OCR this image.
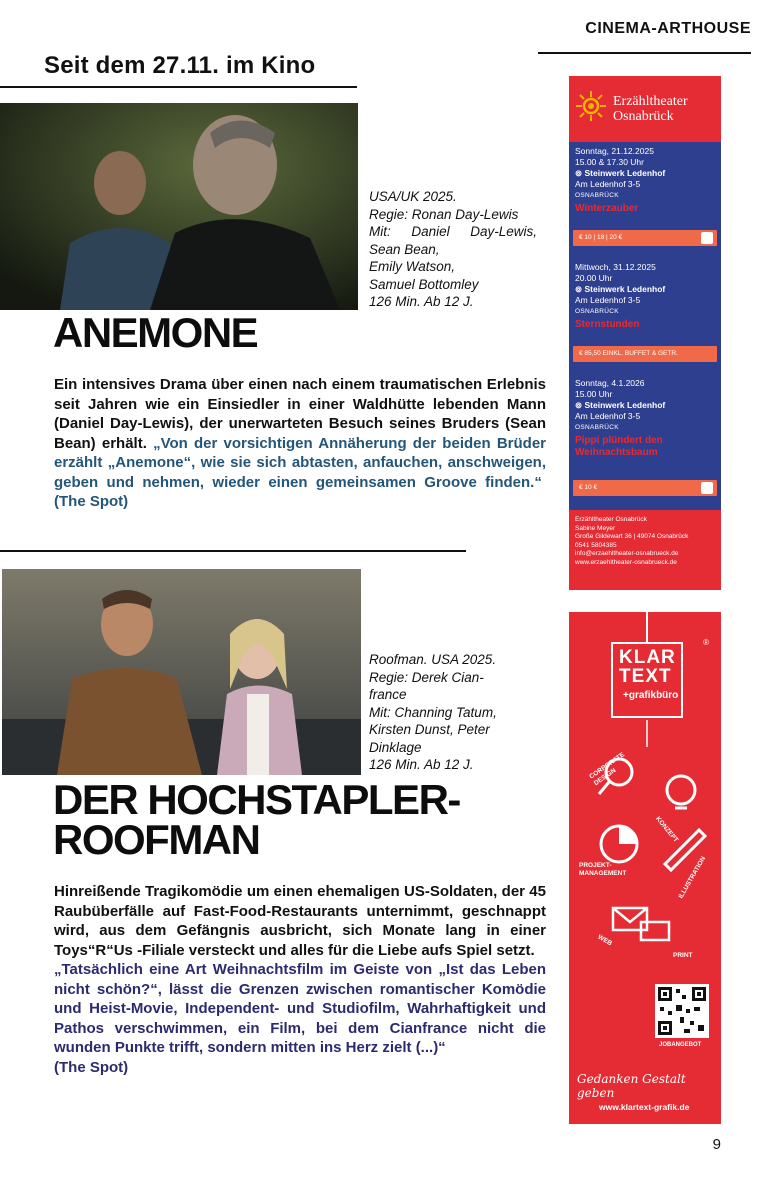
CINEMA-ARTHOUSE
Seit dem 27.11. im Kino
USA/UK 2025.
Regie: Ronan Day-Lewis
Mit: Daniel Day-Lewis,
Sean Bean,
Emily Watson,
Samuel Bottomley
126 Min. Ab 12 J.
ANEMONE
Ein intensives Drama über einen nach einem traumatischen Erlebnis seit Jahren wie ein Einsiedler in einer Waldhütte lebenden Mann (Daniel Day-Lewis), der unerwarteten Besuch seines Bruders (Sean Bean) erhält. „Von der vorsichtigen Annäherung der beiden Brüder erzählt „Anemone“, wie sie sich abtasten, anfauchen, anschweigen, geben und nehmen, wieder einen gemeinsamen Groove finden.“  (The Spot)
Roofman. USA 2025.
Regie: Derek Cian-
france
Mit: Channing Tatum,
Kirsten Dunst, Peter
Dinklage
126 Min. Ab 12 J.
DER HOCHSTAPLER-
ROOFMAN
Hinreißende Tragikomödie um einen ehemaligen US-Soldaten, der 45 Raubüberfälle auf Fast-Food-Restaurants unternimmt, geschnappt wird, aus dem Gefängnis ausbricht, sich Monate lang in einer Toys“R“Us -Filiale versteckt und alles für die Liebe aufs Spiel setzt.
„Tatsächlich eine Art Weihnachtsfilm im Geiste von „Ist das Leben nicht schön?“, lässt die Grenzen zwischen romantischer Komödie und Heist-Movie, Independent- und Studiofilm, Wahrhaftigkeit und Pathos verschwimmen, ein Film, bei dem Cianfrance nicht die wunden Punkte trifft, sondern mitten ins Herz zielt (...)“
(The Spot)
9
Erzähltheater
Osnabrück
Sonntag, 21.12.2025
15.00 & 17.30 Uhr
⊚ Steinwerk Ledenhof
Am Ledenhof 3-5
OSNABRÜCK
Winterzauber
€ 10 | 18 | 20 €
Mittwoch, 31.12.2025
20.00 Uhr
⊚ Steinwerk Ledenhof
Am Ledenhof 3-5
OSNABRÜCK
Sternstunden
€ 85,50 EINKL. BUFFET & GETR.
Sonntag, 4.1.2026
15.00 Uhr
⊚ Steinwerk Ledenhof
Am Ledenhof 3-5
OSNABRÜCK
Pippi plündert den Weihnachtsbaum
€ 10 €
Erzähltheater Osnabrück
Sabine Meyer
Große Gildewart 36 | 49074 Osnabrück
0541 5804385
info@erzaehltheater-osnabrueck.de
www.erzaehltheater-osnabrueck.de
®
KLAR
TEXT
+grafikbüro
CORPORATE DESIGN
KONZEPT
PROJEKT-MANAGEMENT	ILLUSTRATION
WEB
PRINT
JOBANGEBOT
Gedanken Gestalt geben
www.klartext-grafik.de
